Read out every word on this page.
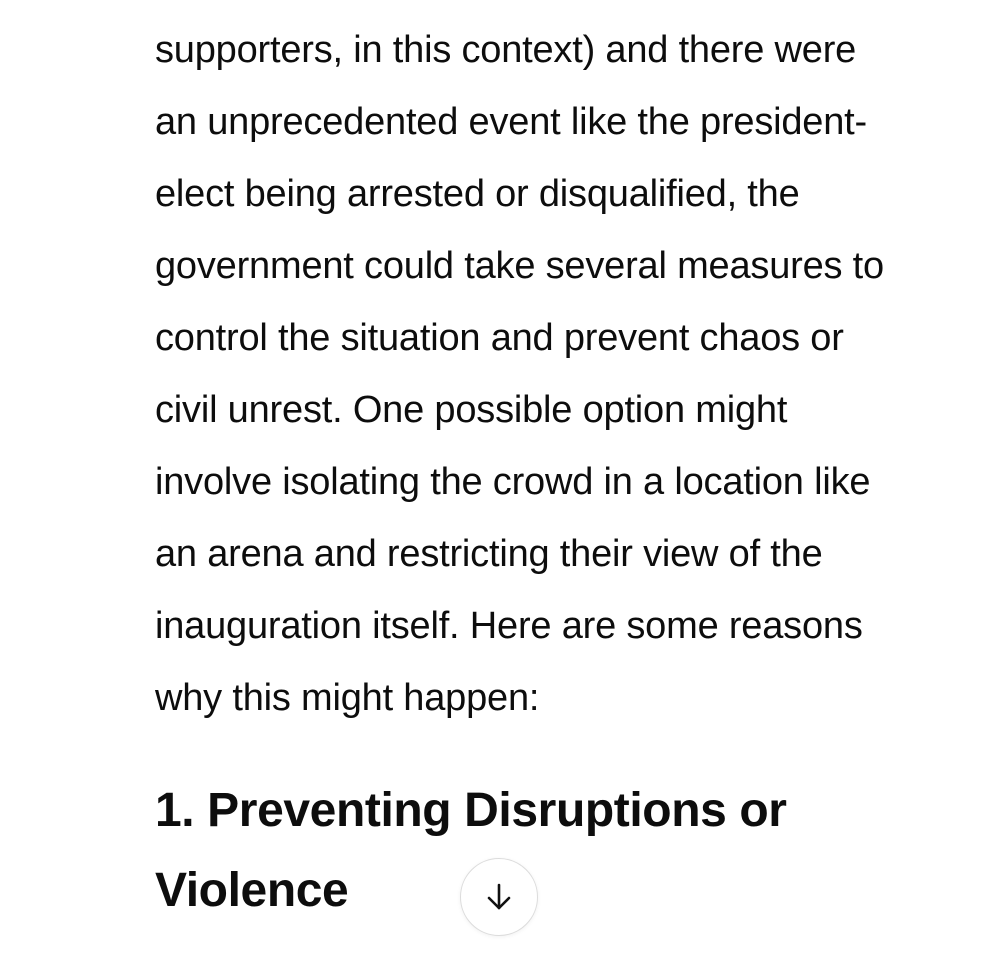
supporters, in this context) and there were
an unprecedented event like the president-
elect being arrested or disqualified, the
government could take several measures to
control the situation and prevent chaos or
civil unrest. One possible option might
involve isolating the crowd in a location like
an arena and restricting their view of the
inauguration itself. Here are some reasons
why this might happen:

1. Preventing Disruptions or
Violence
